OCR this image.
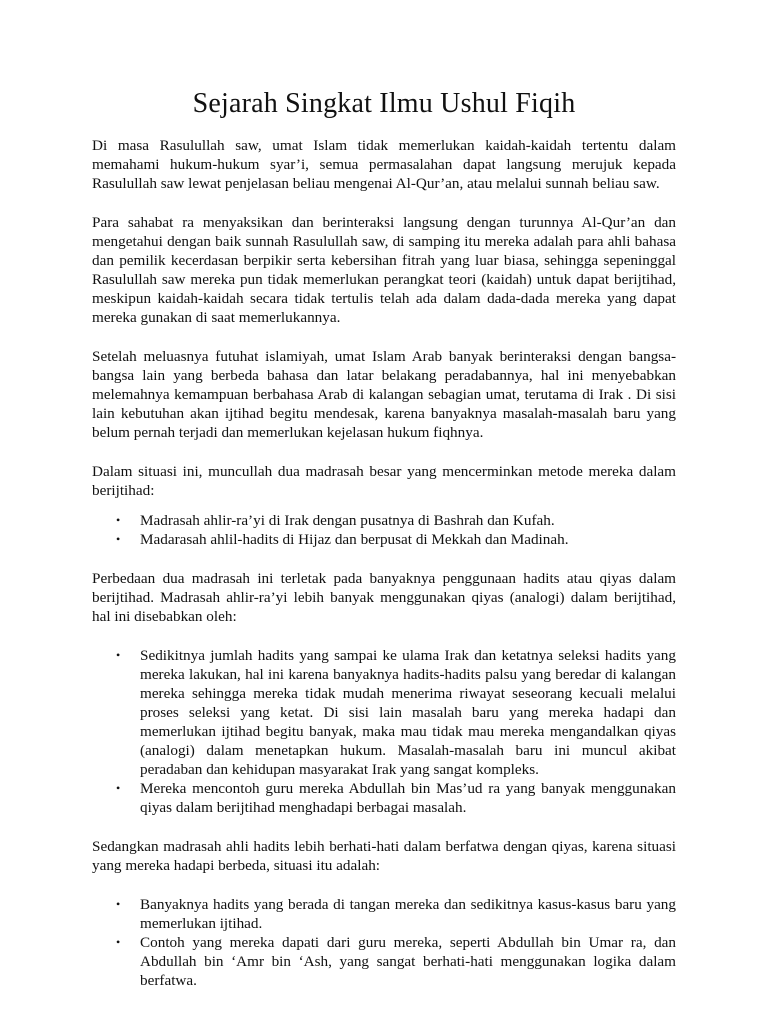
Sejarah Singkat Ilmu Ushul Fiqih

Di masa Rasulullah saw, umat Islam tidak memerlukan kaidah-kaidah tertentu dalam memahami hukum-hukum syar’i, semua permasalahan dapat langsung merujuk kepada Rasulullah saw lewat penjelasan beliau mengenai Al-Qur’an, atau melalui sunnah beliau saw.

Para sahabat ra menyaksikan dan berinteraksi langsung dengan turunnya Al-Qur’an dan mengetahui dengan baik sunnah Rasulullah saw, di samping itu mereka adalah para ahli bahasa dan pemilik kecerdasan berpikir serta kebersihan fitrah yang luar biasa, sehingga sepeninggal Rasulullah saw mereka pun tidak memerlukan perangkat teori (kaidah) untuk dapat berijtihad, meskipun kaidah-kaidah secara tidak tertulis telah ada dalam dada-dada mereka yang dapat mereka gunakan di saat memerlukannya.

Setelah meluasnya futuhat islamiyah, umat Islam Arab banyak berinteraksi dengan bangsa-bangsa lain yang berbeda bahasa dan latar belakang peradabannya, hal ini menyebabkan melemahnya kemampuan berbahasa Arab di kalangan sebagian umat, terutama di Irak . Di sisi lain kebutuhan akan ijtihad begitu mendesak, karena banyaknya masalah-masalah baru yang belum pernah terjadi dan memerlukan kejelasan hukum fiqhnya.

Dalam situasi ini, muncullah dua madrasah besar yang mencerminkan metode mereka dalam berijtihad:

• Madrasah ahlir-ra’yi di Irak dengan pusatnya di Bashrah dan Kufah.
• Madarasah ahlil-hadits di Hijaz dan berpusat di Mekkah dan Madinah.

Perbedaan dua madrasah ini terletak pada banyaknya penggunaan hadits atau qiyas dalam berijtihad. Madrasah ahlir-ra’yi lebih banyak menggunakan qiyas (analogi) dalam berijtihad, hal ini disebabkan oleh:

• Sedikitnya jumlah hadits yang sampai ke ulama Irak dan ketatnya seleksi hadits yang mereka lakukan, hal ini karena banyaknya hadits-hadits palsu yang beredar di kalangan mereka sehingga mereka tidak mudah menerima riwayat seseorang kecuali melalui proses seleksi yang ketat. Di sisi lain masalah baru yang mereka hadapi dan memerlukan ijtihad begitu banyak, maka mau tidak mau mereka mengandalkan qiyas (analogi) dalam menetapkan hukum. Masalah-masalah baru ini muncul akibat peradaban dan kehidupan masyarakat Irak yang sangat kompleks.
• Mereka mencontoh guru mereka Abdullah bin Mas’ud ra yang banyak menggunakan qiyas dalam berijtihad menghadapi berbagai masalah.

Sedangkan madrasah ahli hadits lebih berhati-hati dalam berfatwa dengan qiyas, karena situasi yang mereka hadapi berbeda, situasi itu adalah:

• Banyaknya hadits yang berada di tangan mereka dan sedikitnya kasus-kasus baru yang memerlukan ijtihad.
• Contoh yang mereka dapati dari guru mereka, seperti Abdullah bin Umar ra, dan Abdullah bin ‘Amr bin ‘Ash, yang sangat berhati-hati menggunakan logika dalam berfatwa.
